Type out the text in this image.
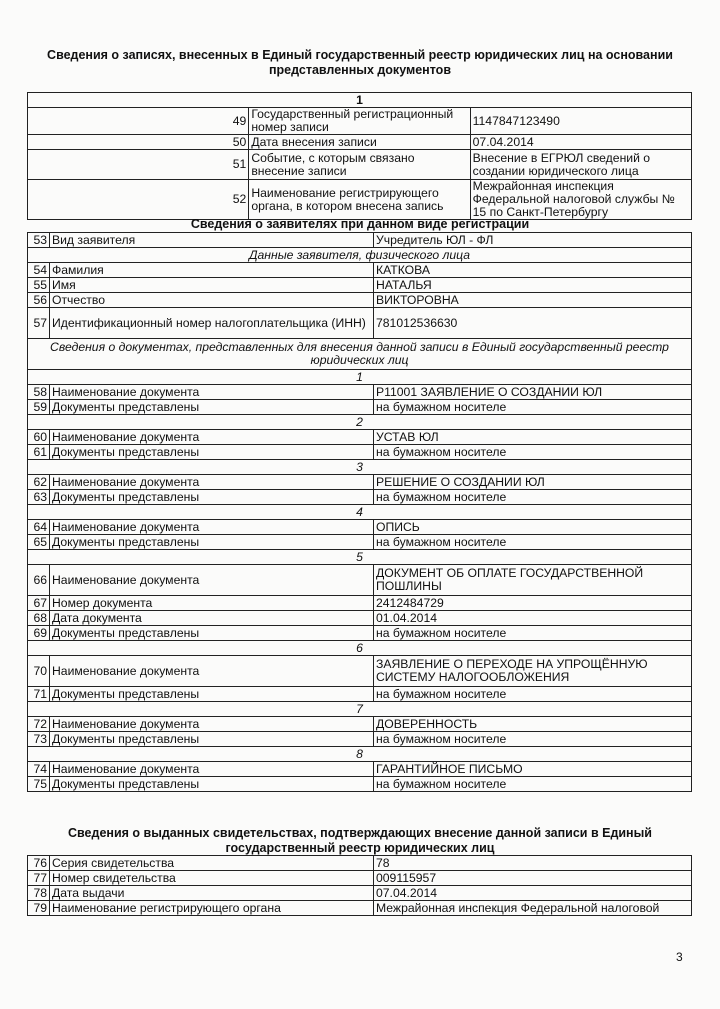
Сведения о записях, внесенных в Единый государственный реестр юридических лиц на основании представленных документов
1		
49	Государственный регистрационный номер записи	1147847123490
50	Дата внесения записи	07.04.2014
51	Событие, с которым связано внесение записи	Внесение в ЕГРЮЛ сведений о создании юридического лица
52	Наименование регистрирующего органа, в котором внесена запись	Межрайонная инспекция Федеральной налоговой службы № 15 по Санкт-Петербургу
Сведения о заявителях при данном виде регистрации
53	Вид заявителя	Учредитель ЮЛ - ФЛ
Данные заявителя, физического лица		
54	Фамилия	КАТКОВА
55	Имя	НАТАЛЬЯ
56	Отчество	ВИКТОРОВНА
57	Идентификационный номер налогоплательщика (ИНН)	781012536630
Сведения о документах, представленных для внесения данной записи в Единый государственный реестр юридических лиц		
1		
58	Наименование документа	Р11001 ЗАЯВЛЕНИЕ О СОЗДАНИИ ЮЛ
59	Документы представлены	на бумажном носителе
2		
60	Наименование документа	УСТАВ ЮЛ
61	Документы представлены	на бумажном носителе
3		
62	Наименование документа	РЕШЕНИЕ О СОЗДАНИИ ЮЛ
63	Документы представлены	на бумажном носителе
4		
64	Наименование документа	ОПИСЬ
65	Документы представлены	на бумажном носителе
5		
66	Наименование документа	ДОКУМЕНТ ОБ ОПЛАТЕ ГОСУДАРСТВЕННОЙ ПОШЛИНЫ
67	Номер документа	2412484729
68	Дата документа	01.04.2014
69	Документы представлены	на бумажном носителе
6		
70	Наименование документа	ЗАЯВЛЕНИЕ О ПЕРЕХОДЕ НА УПРОЩЁННУЮ СИСТЕМУ НАЛОГООБЛОЖЕНИЯ
71	Документы представлены	на бумажном носителе
7		
72	Наименование документа	ДОВЕРЕННОСТЬ
73	Документы представлены	на бумажном носителе
8		
74	Наименование документа	ГАРАНТИЙНОЕ ПИСЬМО
75	Документы представлены	на бумажном носителе
Сведения о выданных свидетельствах, подтверждающих внесение данной записи в Единый государственный реестр юридических лиц
76	Серия свидетельства	78
77	Номер свидетельства	009115957
78	Дата выдачи	07.04.2014
79	Наименование регистрирующего органа	Межрайонная инспекция Федеральной налоговой
3
